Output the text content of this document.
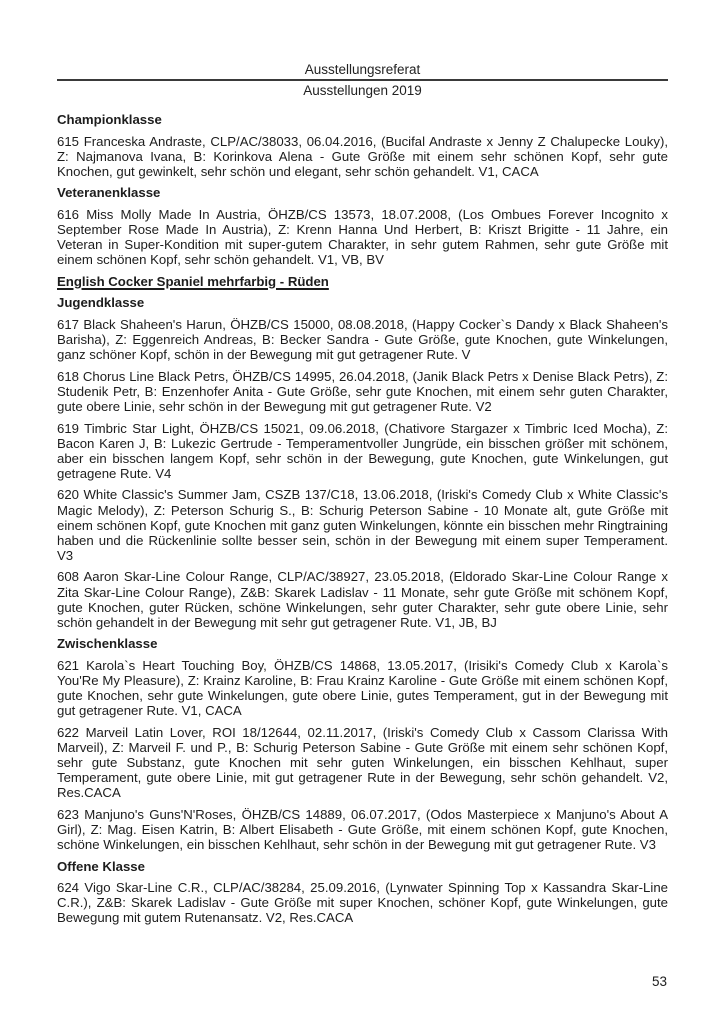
Ausstellungsreferat
Ausstellungen 2019

Championklasse

615 Franceska Andraste, CLP/AC/38033, 06.04.2016, (Bucifal Andraste x Jenny Z Chalupecke Louky), Z: Najmanova Ivana, B: Korinkova Alena - Gute Größe mit einem sehr schönen Kopf, sehr gute Knochen, gut gewinkelt, sehr schön und elegant, sehr schön gehandelt. V1, CACA

Veteranenklasse

616 Miss Molly Made In Austria, ÖHZB/CS 13573, 18.07.2008, (Los Ombues Forever Incognito x September Rose Made In Austria), Z: Krenn Hanna Und Herbert, B: Kriszt Brigitte - 11 Jahre, ein Veteran in Super-Kondition mit super-gutem Charakter, in sehr gutem Rahmen, sehr gute Größe mit einem schönen Kopf, sehr schön gehandelt. V1, VB, BV

English Cocker Spaniel mehrfarbig - Rüden

Jugendklasse

617 Black Shaheen's Harun, ÖHZB/CS 15000, 08.08.2018, (Happy Cocker`s Dandy x Black Shaheen's Barisha), Z: Eggenreich Andreas, B: Becker Sandra - Gute Größe, gute Knochen, gute Winkelungen, ganz schöner Kopf, schön in der Bewegung mit gut getragener Rute. V

618 Chorus Line Black Petrs, ÖHZB/CS 14995, 26.04.2018, (Janik Black Petrs x Denise Black Petrs), Z: Studenik Petr, B: Enzenhofer Anita - Gute Größe, sehr gute Knochen, mit einem sehr guten Charakter, gute obere Linie, sehr schön in der Bewegung mit gut getragener Rute. V2

619 Timbric Star Light, ÖHZB/CS 15021, 09.06.2018, (Chativore Stargazer x Timbric Iced Mocha), Z: Bacon Karen J, B: Lukezic Gertrude - Temperamentvoller Jungrüde, ein bisschen größer mit schönem, aber ein bisschen langem Kopf, sehr schön in der Bewegung, gute Knochen, gute Winkelungen, gut getragene Rute. V4

620 White Classic's Summer Jam, CSZB 137/C18, 13.06.2018, (Iriski's Comedy Club x White Classic's Magic Melody), Z: Peterson Schurig S., B: Schurig Peterson Sabine - 10 Monate alt, gute Größe mit einem schönen Kopf, gute Knochen mit ganz guten Winkelungen, könnte ein bisschen mehr Ringtraining haben und die Rückenlinie sollte besser sein, schön in der Bewegung mit einem super Temperament. V3

608 Aaron Skar-Line Colour Range, CLP/AC/38927, 23.05.2018, (Eldorado Skar-Line Colour Range x Zita Skar-Line Colour Range), Z&B: Skarek Ladislav - 11 Monate, sehr gute Größe mit schönem Kopf, gute Knochen, guter Rücken, schöne Winkelungen, sehr guter Charakter, sehr gute obere Linie, sehr schön gehandelt in der Bewegung mit sehr gut getragener Rute. V1, JB, BJ

Zwischenklasse

621 Karola`s Heart Touching Boy, ÖHZB/CS 14868, 13.05.2017, (Irisiki's Comedy Club x Karola`s You'Re My Pleasure), Z: Krainz Karoline, B: Frau Krainz Karoline - Gute Größe mit einem schönen Kopf, gute Knochen, sehr gute Winkelungen, gute obere Linie, gutes Temperament, gut in der Bewegung mit gut getragener Rute. V1, CACA

622 Marveil Latin Lover, ROI 18/12644, 02.11.2017, (Iriski's Comedy Club x Cassom Clarissa With Marveil), Z: Marveil F. und P., B: Schurig Peterson Sabine - Gute Größe mit einem sehr schönen Kopf, sehr gute Substanz, gute Knochen mit sehr guten Winkelungen, ein bisschen Kehlhaut, super Temperament, gute obere Linie, mit gut getragener Rute in der Bewegung, sehr schön gehandelt. V2, Res.CACA

623 Manjuno's Guns'N'Roses, ÖHZB/CS 14889, 06.07.2017, (Odos Masterpiece x Manjuno's About A Girl), Z: Mag. Eisen Katrin, B: Albert Elisabeth - Gute Größe, mit einem schönen Kopf, gute Knochen, schöne Winkelungen, ein bisschen Kehlhaut, sehr schön in der Bewegung mit gut getragener Rute. V3

Offene Klasse

624 Vigo Skar-Line C.R., CLP/AC/38284, 25.09.2016, (Lynwater Spinning Top x Kassandra Skar-Line C.R.), Z&B: Skarek Ladislav - Gute Größe mit super Knochen, schöner Kopf, gute Winkelungen, gute Bewegung mit gutem Rutenansatz. V2, Res.CACA

53
